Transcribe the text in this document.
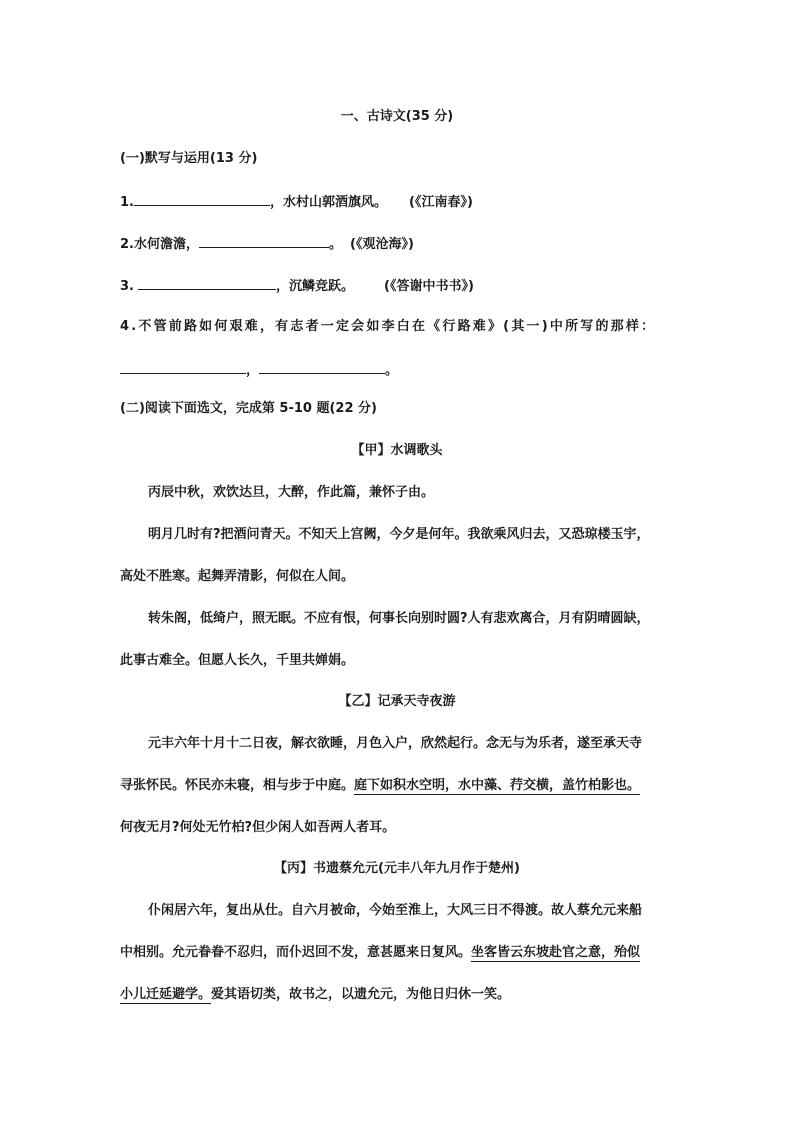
一、古诗文(35 分)
(一)默写与运用(13 分)
1.	，水村山郭酒旗风。 (《江南春》)
2.水何澹澹，	。 (《观沧海》)
3.	，沉鳞竞跃。 (《答谢中书书》)
4.不管前路如何艰难，有志者一定会如李白在《行路难》(其一)中所写的那样：
，	。
(二)阅读下面选文，完成第 5-10 题(22 分)
【甲】水调歌头
丙辰中秋，欢饮达旦，大醉，作此篇，兼怀子由。
明月几时有?把酒问青天。不知天上宫阙，今夕是何年。我欲乘风归去，又恐琼楼玉宇，
高处不胜寒。起舞弄清影，何似在人间。
转朱阁，低绮户，照无眠。不应有恨，何事长向别时圆?人有悲欢离合，月有阴晴圆缺，
此事古难全。但愿人长久，千里共婵娟。
【乙】记承天寺夜游
元丰六年十月十二日夜，解衣欲睡，月色入户，欣然起行。念无与为乐者，遂至承天寺
寻张怀民。怀民亦未寝，相与步于中庭。庭下如积水空明，水中藻、荇交横，盖竹柏影也。
何夜无月?何处无竹柏?但少闲人如吾两人者耳。
【丙】书遗蔡允元(元丰八年九月作于楚州)
仆闲居六年，复出从仕。自六月被命，今始至淮上，大风三日不得渡。故人蔡允元来船
中相别。允元眷眷不忍归，而仆迟回不发，意甚愿来日复风。坐客皆云东坡赴官之意，殆似
小儿迁延避学。爱其语切类，故书之，以遗允元，为他日归休一笑。
